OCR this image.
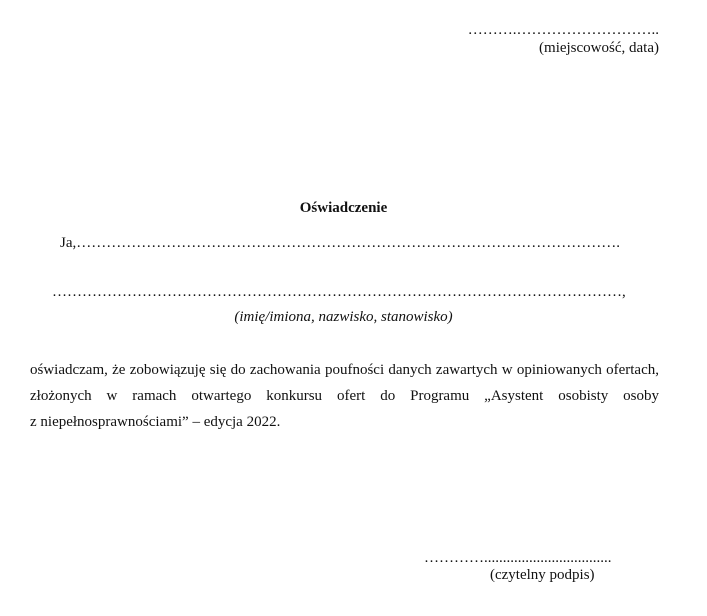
……….………………………..
(miejscowość, data)
Oświadczenie
Ja,……………………………………………………………………………………………….
……………………………………………………………………………………………………,
(imię/imiona, nazwisko, stanowisko)
oświadczam, że zobowiązuję się do zachowania poufności danych zawartych w opiniowanych ofertach,
złożonych w ramach otwartego konkursu ofert do Programu „Asystent osobisty osoby
z niepełnosprawnościami” – edycja 2022.
…………..................................
(czytelny podpis)
